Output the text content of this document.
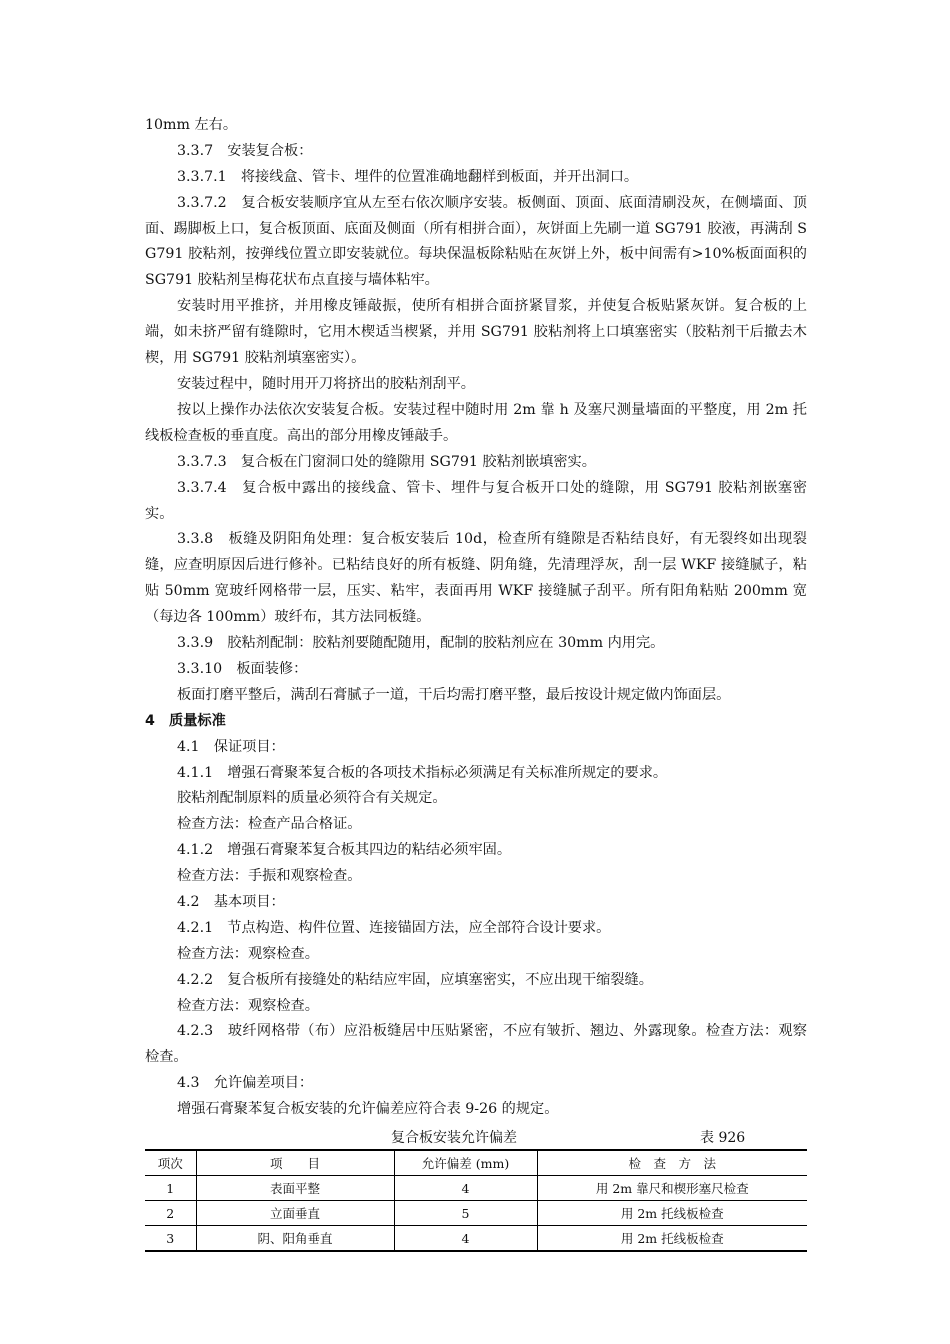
10mm 左右。
3.3.7　安装复合板：
3.3.7.1　将接线盒、管卡、埋件的位置准确地翻样到板面，并开出洞口。

3.3.7.2　复合板安装顺序宜从左至右依次顺序安装。板侧面、顶面、底面清刷没灰，在侧墙面、顶面、踢脚板上口，复合板顶面、底面及侧面（所有相拼合面），灰饼面上先刷一道 SG791 胶液，再满刮 SG791 胶粘剂，按弹线位置立即安装就位。每块保温板除粘贴在灰饼上外，板中间需有>10%板面面积的 SG791 胶粘剂呈梅花状布点直接与墙体粘牢。

安装时用平推挤，并用橡皮锤敲振，使所有相拼合面挤紧冒浆，并使复合板贴紧灰饼。复合板的上端，如未挤严留有缝隙时，它用木楔适当楔紧，并用 SG791 胶粘剂将上口填塞密实（胶粘剂干后撤去木楔，用 SG791 胶粘剂填塞密实）。

安装过程中，随时用开刀将挤出的胶粘剂刮平。

按以上操作办法依次安装复合板。安装过程中随时用 2m 靠 h 及塞尺测量墙面的平整度，用 2m 托线板检查板的垂直度。高出的部分用橡皮锤敲手。

3.3.7.3　复合板在门窗洞口处的缝隙用 SG791 胶粘剂嵌填密实。

3.3.7.4　复合板中露出的接线盒、管卡、埋件与复合板开口处的缝隙，用 SG791 胶粘剂嵌塞密实。

3.3.8　板缝及阴阳角处理：复合板安装后 10d，检查所有缝隙是否粘结良好，有无裂终如出现裂缝，应查明原因后进行修补。已粘结良好的所有板缝、阴角缝，先清理浮灰，刮一层 WKF 接缝腻子，粘贴 50mm 宽玻纤网格带一层，压实、粘牢，表面再用 WKF 接缝腻子刮平。所有阳角粘贴 200mm 宽（每边各 100mm）玻纤布，其方法同板缝。

3.3.9　胶粘剂配制：胶粘剂要随配随用，配制的胶粘剂应在 30mm 内用完。
3.3.10　板面装修：
板面打磨平整后，满刮石膏腻子一道，干后均需打磨平整，最后按设计规定做内饰面层。
4　质量标准
4.1　保证项目：
4.1.1　增强石膏聚苯复合板的各项技术指标必须满足有关标准所规定的要求。
胶粘剂配制原料的质量必须符合有关规定。
检查方法：检查产品合格证。
4.1.2　增强石膏聚苯复合板其四边的粘结必须牢固。
检查方法：手振和观察检查。
4.2　基本项目：
4.2.1　节点构造、构件位置、连接锚固方法，应全部符合设计要求。
检查方法：观察检查。
4.2.2　复合板所有接缝处的粘结应牢固，应填塞密实，不应出现干缩裂缝。
检查方法：观察检查。

4.2.3　玻纤网格带（布）应沿板缝居中压贴紧密，不应有皱折、翘边、外露现象。检查方法：观察检查。

4.3　允许偏差项目：
增强石膏聚苯复合板安装的允许偏差应符合表 9-26 的规定。
复合板安装允许偏差	表 926
项次	项　　目	允许偏差 (mm)	检　查　方　法
1	表面平整	4	用 2m 靠尺和楔形塞尺检查
2	立面垂直	5	用 2m 托线板检查
3	阴、阳角垂直	4	用 2m 托线板检查
